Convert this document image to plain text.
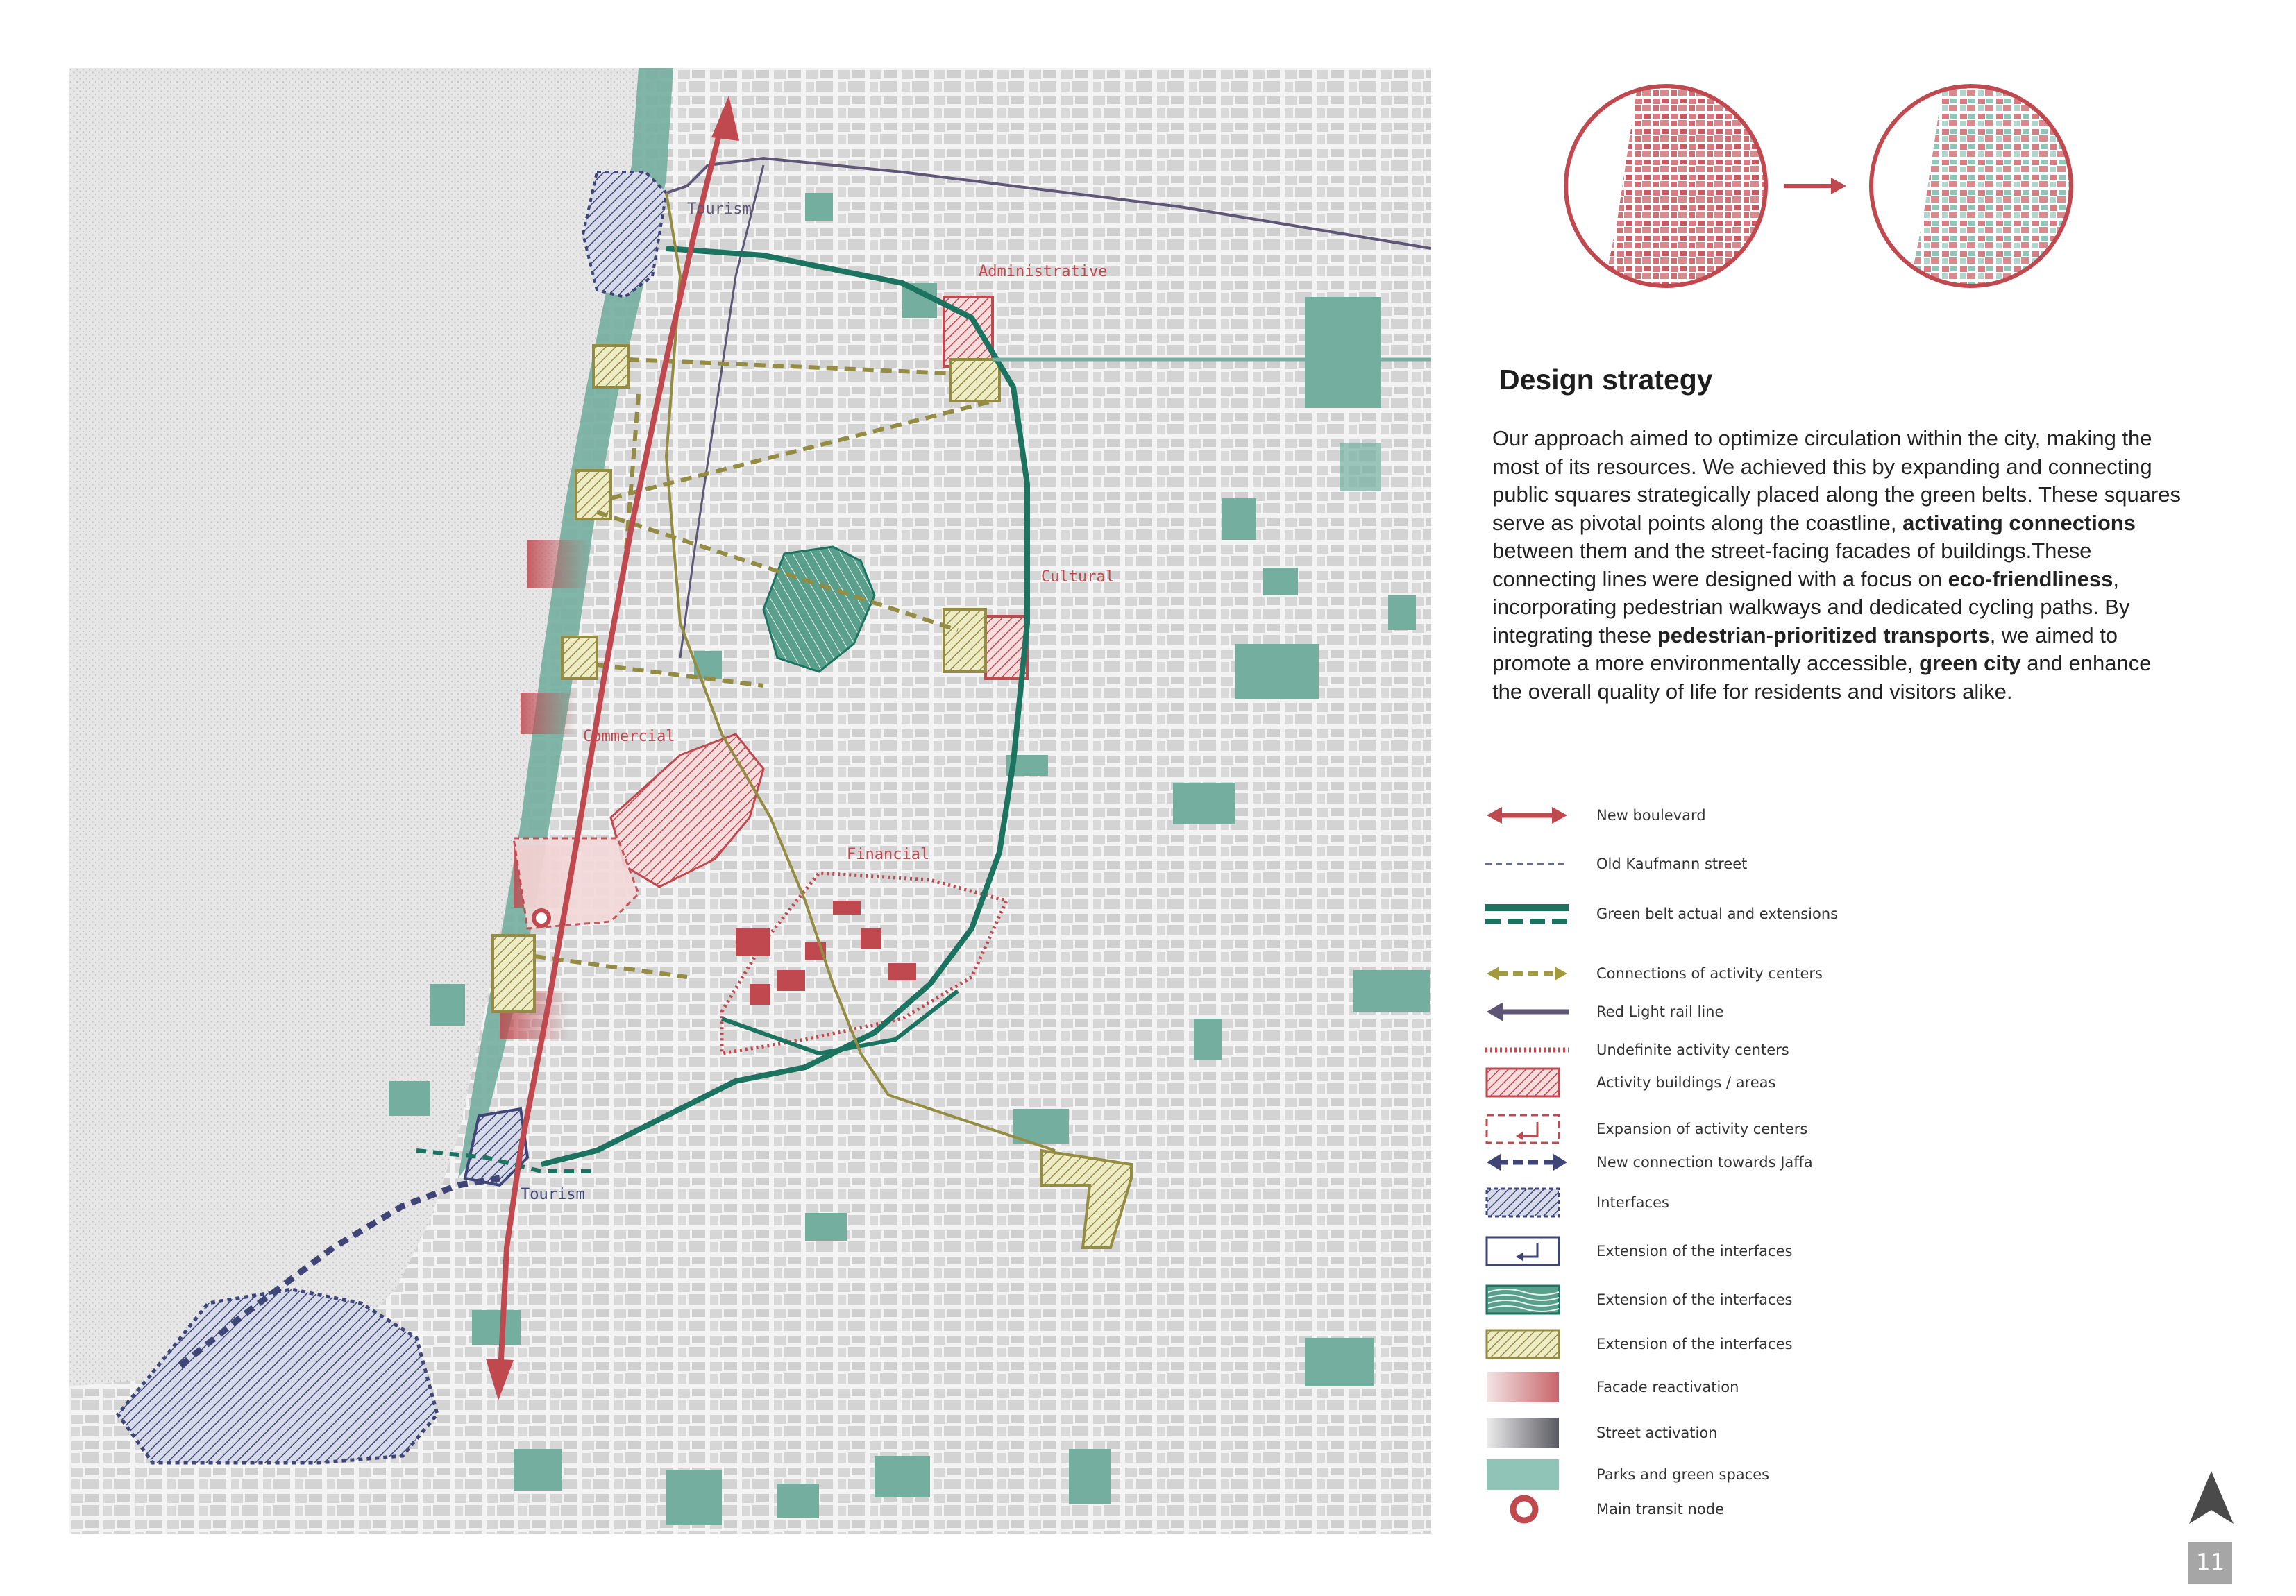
Tourism
Administrative
Cultural
Commercial
Financial
Tourism
Design strategy
Our approach aimed to optimize circulation within the city, making the most of its resources. We achieved this by expanding and connecting public squares strategically placed along the green belts. These squares serve as pivotal points along the coastline, activating connections between them and the street-facing facades of buildings.These connecting lines were designed with a focus on eco-friendliness, incorporating pedestrian walkways and dedicated cycling paths. By integrating these pedestrian-prioritized transports, we aimed to promote a more environmentally accessible, green city and enhance the overall quality of life for residents and visitors alike.
New boulevard
Old Kaufmann street
Green belt actual and extensions
Connections of activity centers
Red Light rail line
Undefinite activity centers
Activity buildings / areas
Expansion of activity centers
New connection towards Jaffa
Interfaces
Extension of the interfaces
Extension of the interfaces
Extension of the interfaces
Facade reactivation
Street activation
Parks and green spaces
Main transit node
11
